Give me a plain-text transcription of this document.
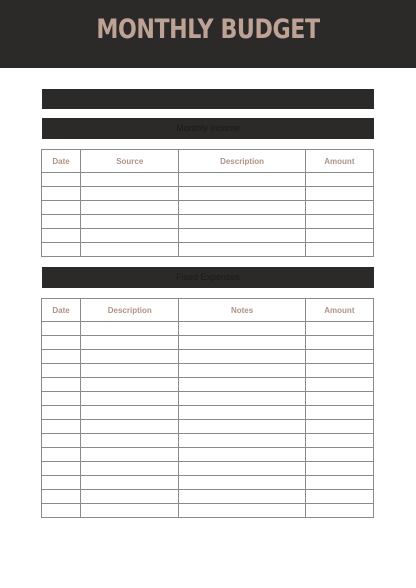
MONTHLY BUDGET
Monthly Income
Date	Source	Description	Amount

Fixed Expenses
Date	Description	Notes	Amount
